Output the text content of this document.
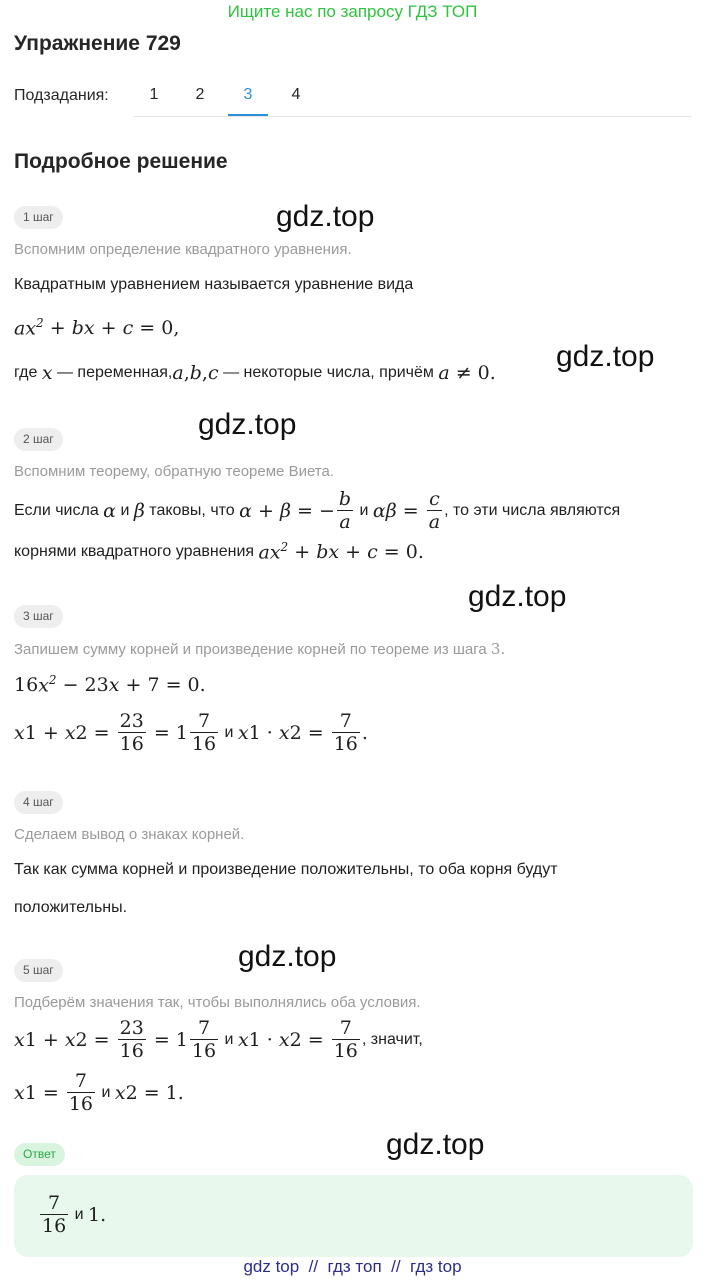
Ищите нас по запросу ГДЗ ТОП
Упражнение 729
Подзадания:	1	2	3	4
Подробное решение
gdz.top
gdz.top
gdz.top
gdz.top
gdz.top
gdz.top
1 шаг
Вспомним определение квадратного уравнения.
Квадратным уравнением называется уравнение вида
$ax^2$ + bx + c = 0,
где
x
— переменная, a , b , c
— некоторые числа, причём
a ≠ 0.
2 шаг
Вспомним теорему, обратную теореме Виета.
Если числа
α
и
β
таковы, что
α + β = − $\frac{b}{a}$
и
$\alpha\beta = \frac{c}{a}$ , то эти числа являются
корнями квадратного уравнения
$ax^2$ + bx + c = 0.
3 шаг
Запишем сумму корней и произведение корней по теореме из шага
3.
16 $x^2 - 23$ x + 7 = 0.
x 1 + x $2 = \frac{23}{16} = 1 \frac{7}{16}$ и x 1 · x $2 = \frac{7}{16}$ .
4 шаг
Сделаем вывод о знаках корней.
Так как сумма корней и произведение положительны, то оба корня будут
положительны.
5 шаг
Подберём значения так, чтобы выполнялись оба условия.
x 1 + x $2 = \frac{23}{16} = 1 \frac{7}{16}$ и x 1 · x $2 = \frac{7}{16}$ , значит,
x $1 = \frac{7}{16}$ и x 2 = 1.
Ответ
$\frac{7}{16}$ и 1.
gdz top  //  гдз топ  //  гдз top
